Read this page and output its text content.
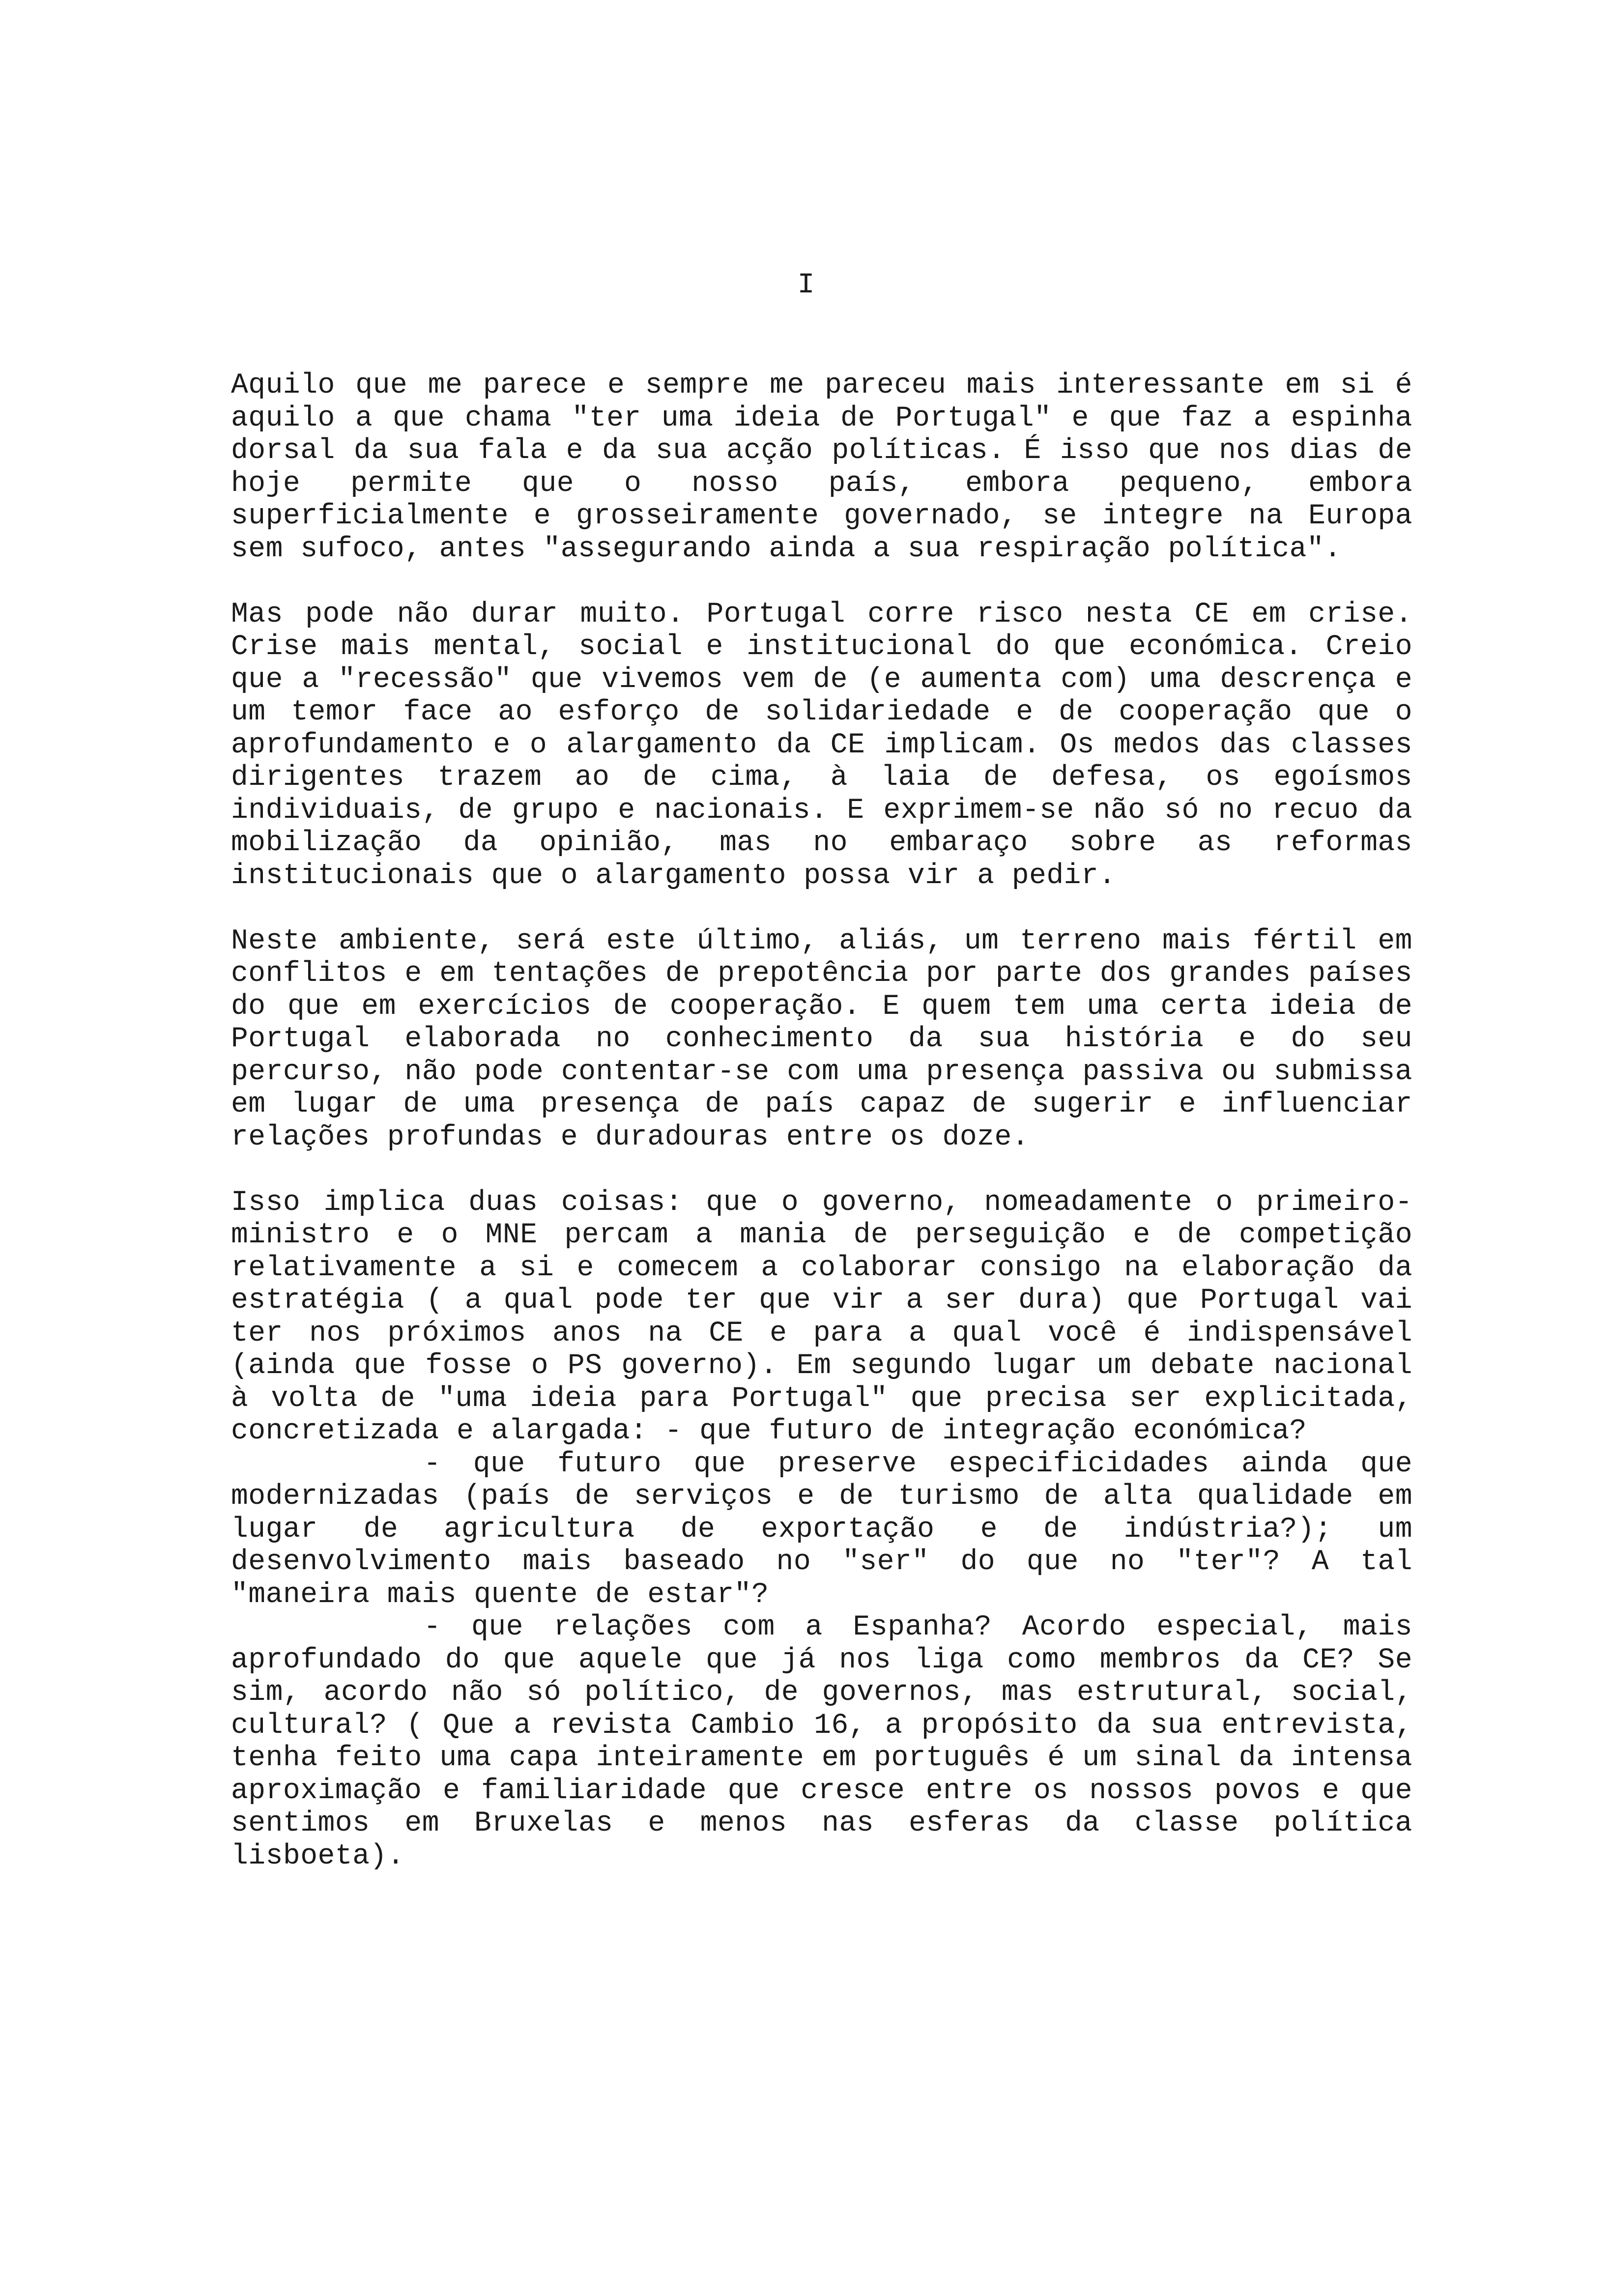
I

Aquilo que me parece e sempre me pareceu mais interessante em si é aquilo a que chama "ter uma ideia de Portugal" e que faz a espinha dorsal da sua fala e da sua acção políticas. É isso que nos dias de hoje permite que o nosso país, embora pequeno, embora superficialmente e grosseiramente governado, se integre na Europa sem sufoco, antes "assegurando ainda a sua respiração política".

Mas pode não durar muito. Portugal corre risco nesta CE em crise. Crise mais mental, social e institucional do que económica. Creio que a "recessão" que vivemos vem de (e aumenta com) uma descrença e um temor face ao esforço de solidariedade e de cooperação que o aprofundamento e o alargamento da CE implicam. Os medos das classes dirigentes trazem ao de cima, à laia de defesa, os egoísmos individuais, de grupo e nacionais. E exprimem-se não só no recuo da mobilização da opinião, mas no embaraço sobre as reformas institucionais que o alargamento possa vir a pedir.

Neste ambiente, será este último, aliás, um terreno mais fértil em conflitos e em tentações de prepotência por parte dos grandes países do que em exercícios de cooperação. E quem tem uma certa ideia de Portugal elaborada no conhecimento da sua história e do seu percurso, não pode contentar-se com uma presença passiva ou submissa em lugar de uma presença de país capaz de sugerir e influenciar relações profundas e duradouras entre os doze.

Isso implica duas coisas: que o governo, nomeadamente o primeiro-ministro e o MNE percam a mania de perseguição e de competição relativamente a si e comecem a colaborar consigo na elaboração da estratégia ( a qual pode ter que vir a ser dura) que Portugal vai ter nos próximos anos na CE e para a qual você é indispensável (ainda que fosse o PS governo). Em segundo lugar um debate nacional à volta de "uma ideia para Portugal" que precisa ser explicitada, concretizada e alargada: - que futuro de integração económica?

- que futuro que preserve especificidades ainda que modernizadas (país de serviços e de turismo de alta qualidade em lugar de agricultura de exportação e de indústria?); um desenvolvimento mais baseado no "ser" do que no "ter"? A tal "maneira mais quente de estar"?

- que relações com a Espanha? Acordo especial, mais aprofundado do que aquele que já nos liga como membros da CE? Se sim, acordo não só político, de governos, mas estrutural, social, cultural? ( Que a revista Cambio 16, a propósito da sua entrevista, tenha feito uma capa inteiramente em português é um sinal da intensa aproximação e familiaridade que cresce entre os nossos povos e que sentimos em Bruxelas e menos nas esferas da classe política lisboeta).
